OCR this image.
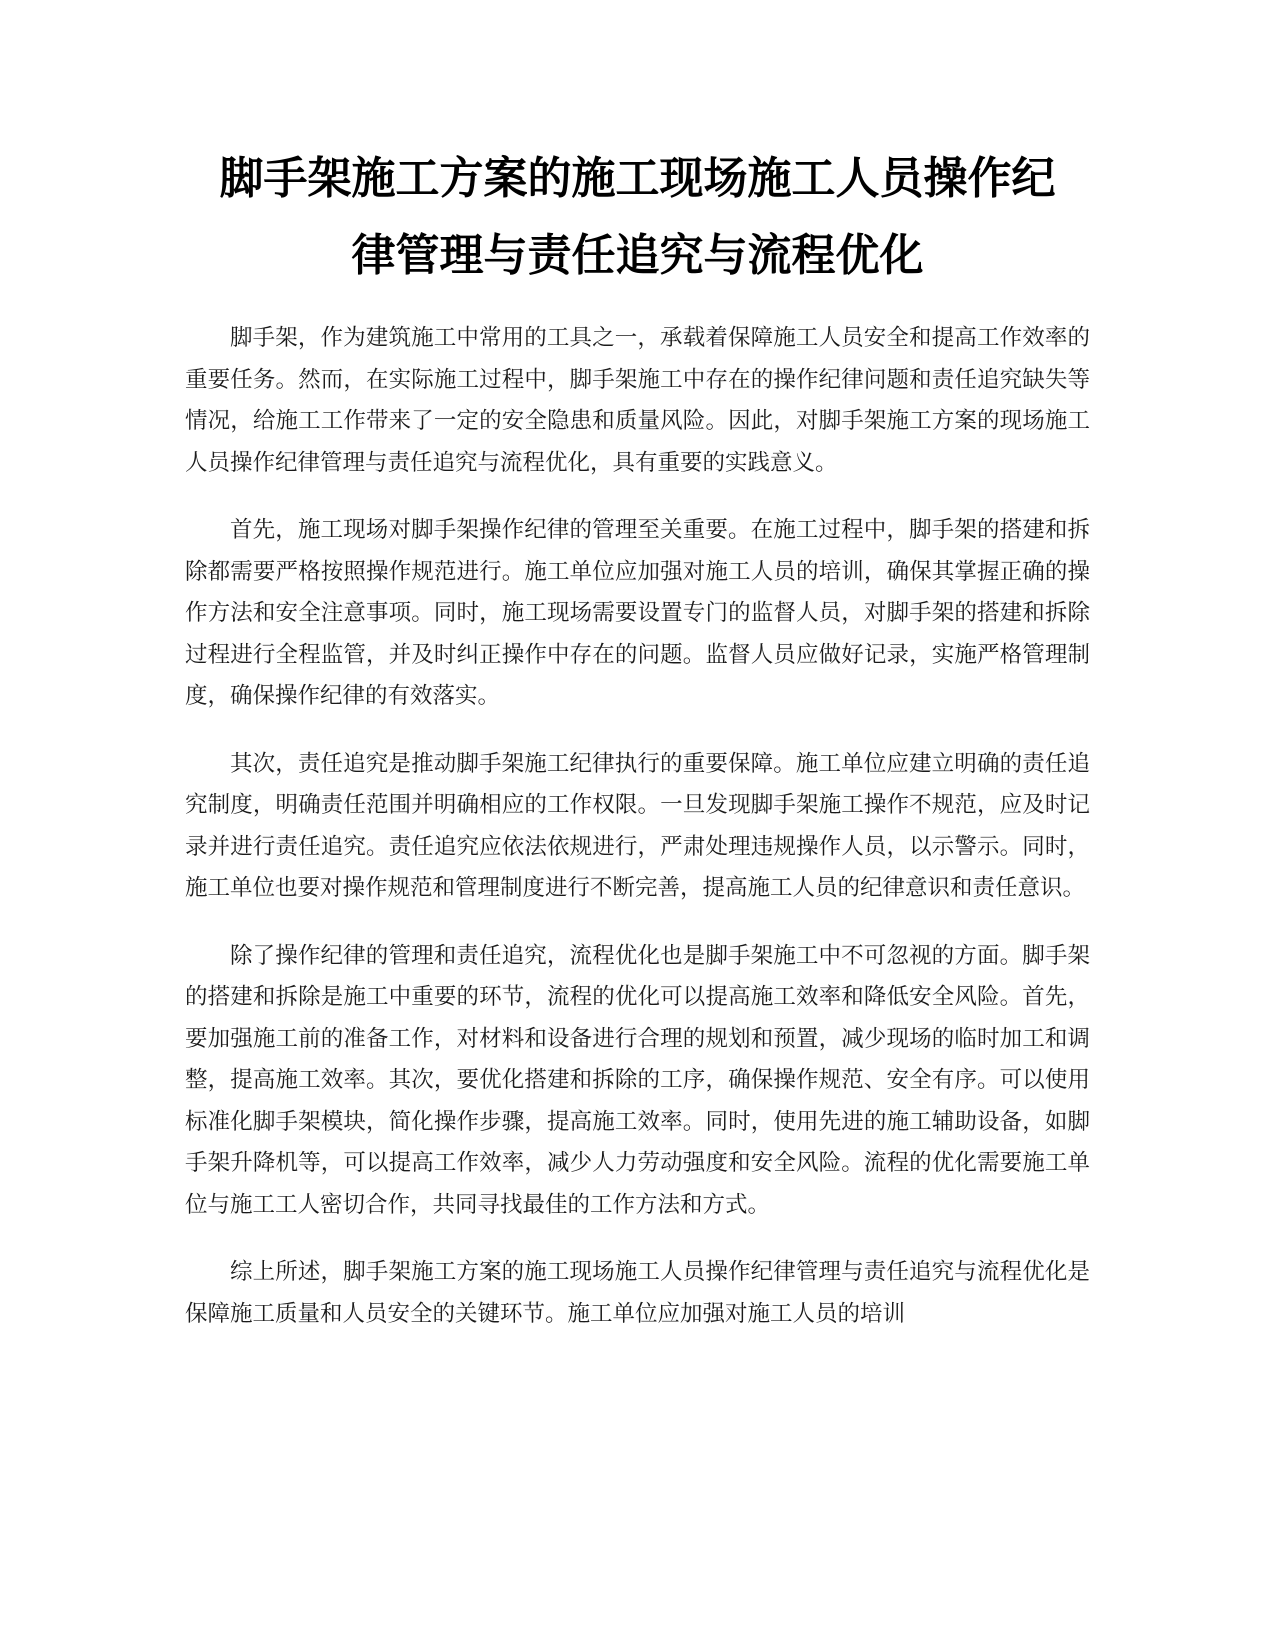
脚手架施工方案的施工现场施工人员操作纪
律管理与责任追究与流程优化

脚手架，作为建筑施工中常用的工具之一，承载着保障施工人员安全和提高工作效率的重要任务。然而，在实际施工过程中，脚手架施工中存在的操作纪律问题和责任追究缺失等情况，给施工工作带来了一定的安全隐患和质量风险。因此，对脚手架施工方案的现场施工人员操作纪律管理与责任追究与流程优化，具有重要的实践意义。

首先，施工现场对脚手架操作纪律的管理至关重要。在施工过程中，脚手架的搭建和拆除都需要严格按照操作规范进行。施工单位应加强对施工人员的培训，确保其掌握正确的操作方法和安全注意事项。同时，施工现场需要设置专门的监督人员，对脚手架的搭建和拆除过程进行全程监管，并及时纠正操作中存在的问题。监督人员应做好记录，实施严格管理制度，确保操作纪律的有效落实。

其次，责任追究是推动脚手架施工纪律执行的重要保障。施工单位应建立明确的责任追究制度，明确责任范围并明确相应的工作权限。一旦发现脚手架施工操作不规范，应及时记录并进行责任追究。责任追究应依法依规进行，严肃处理违规操作人员，以示警示。同时，施工单位也要对操作规范和管理制度进行不断完善，提高施工人员的纪律意识和责任意识。

除了操作纪律的管理和责任追究，流程优化也是脚手架施工中不可忽视的方面。脚手架的搭建和拆除是施工中重要的环节，流程的优化可以提高施工效率和降低安全风险。首先，要加强施工前的准备工作，对材料和设备进行合理的规划和预置，减少现场的临时加工和调整，提高施工效率。其次，要优化搭建和拆除的工序，确保操作规范、安全有序。可以使用标准化脚手架模块，简化操作步骤，提高施工效率。同时，使用先进的施工辅助设备，如脚手架升降机等，可以提高工作效率，减少人力劳动强度和安全风险。流程的优化需要施工单位与施工工人密切合作，共同寻找最佳的工作方法和方式。

综上所述，脚手架施工方案的施工现场施工人员操作纪律管理与责任追究与流程优化是保障施工质量和人员安全的关键环节。施工单位应加强对施工人员的培训
